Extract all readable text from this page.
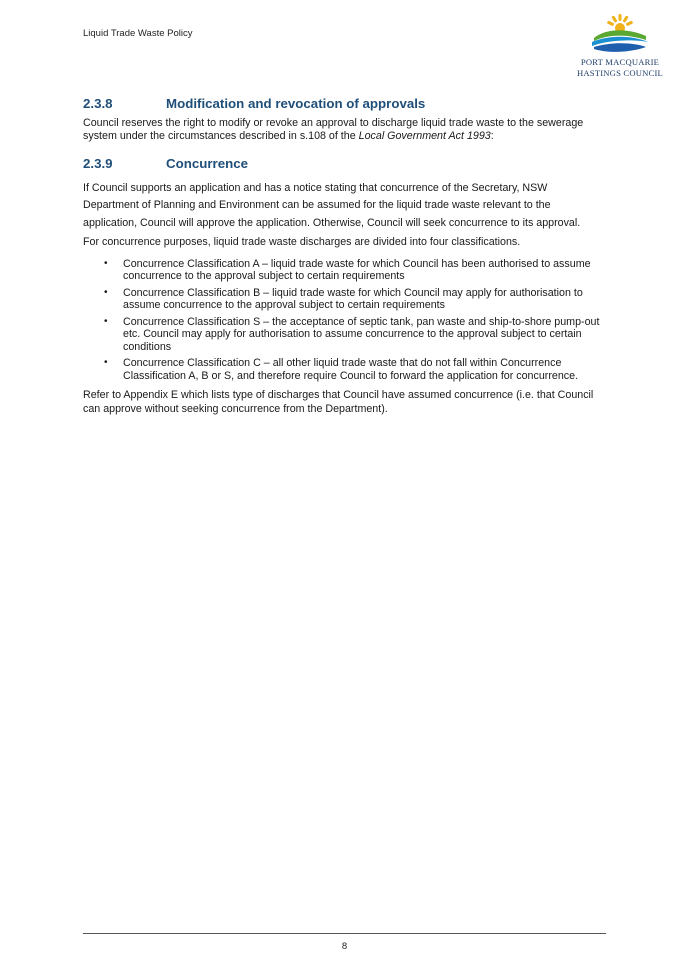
Liquid Trade Waste Policy
PORT MACQUARIE
HASTINGS COUNCIL
2.3.8	Modification and revocation of approvals

Council reserves the right to modify or revoke an approval to discharge liquid trade waste to the sewerage system under the circumstances described in s.108 of the Local Government Act 1993:

2.3.9	Concurrence

If Council supports an application and has a notice stating that concurrence of the Secretary, NSW Department of Planning and Environment can be assumed for the liquid trade waste relevant to the application, Council will approve the application. Otherwise, Council will seek concurrence to its approval.

For concurrence purposes, liquid trade waste discharges are divided into four classifications.

• Concurrence Classification A – liquid trade waste for which Council has been authorised to assume concurrence to the approval subject to certain requirements
• Concurrence Classification B – liquid trade waste for which Council may apply for authorisation to assume concurrence to the approval subject to certain requirements
• Concurrence Classification S – the acceptance of septic tank, pan waste and ship-to-shore pump-out etc. Council may apply for authorisation to assume concurrence to the approval subject to certain conditions
• Concurrence Classification C – all other liquid trade waste that do not fall within Concurrence Classification A, B or S, and therefore require Council to forward the application for concurrence.

Refer to Appendix E which lists type of discharges that Council have assumed concurrence (i.e. that Council can approve without seeking concurrence from the Department).

8
